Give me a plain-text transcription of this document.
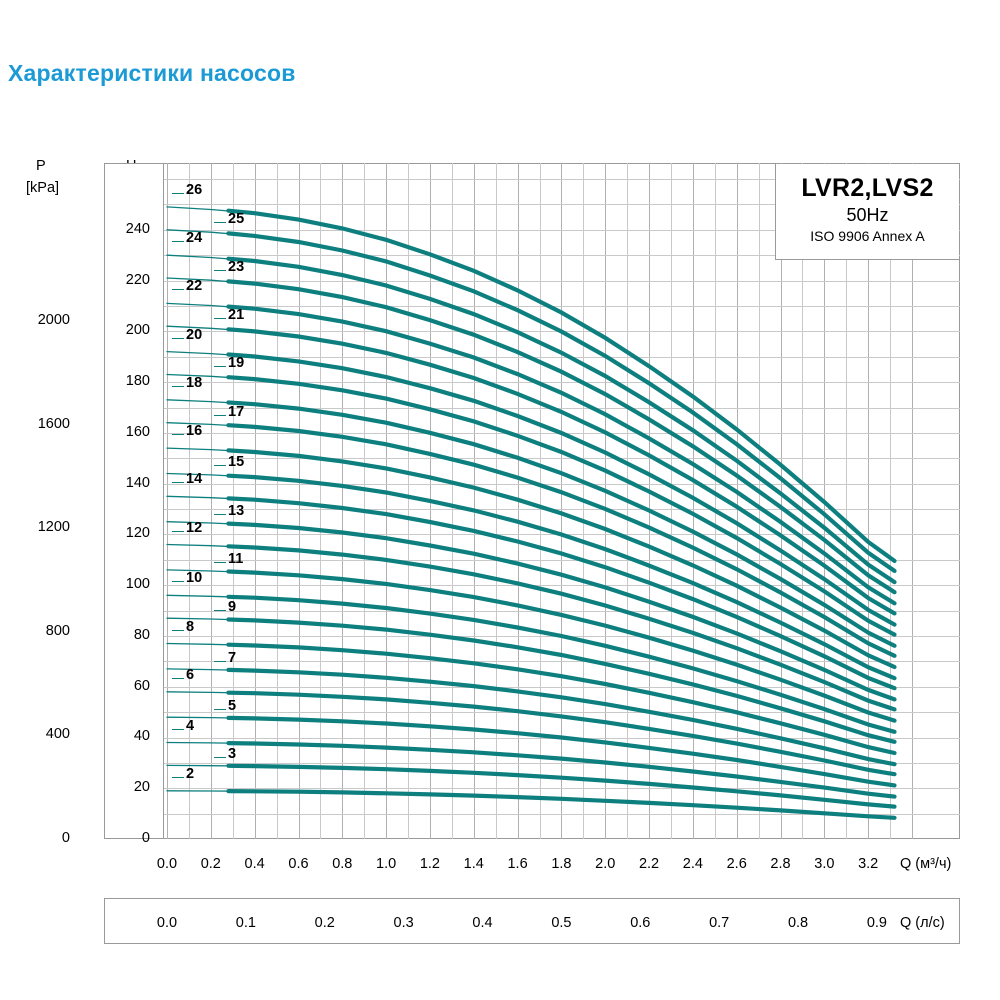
Характеристики насосов
P
[kPa]	LVR2,LVS2
50Hz
ISO 9906 Annex A
0
400
800
1200
1600
2000
0
20
40
60
80
100
120
140
160
180
200
220
240
0.0	0.2	0.4	0.6	0.8	1.0	1.2	1.4	1.6	1.8	2.0	2.2	2.4	2.6	2.8	3.0	3.2
26
25
24
23
22
21
20
19
18
17
16
15
14
13
12
11
10
9
8
7
6
5
4
3
2
Q (м³/ч)
0.0	0.1	0.2	0.3	0.4	0.5	0.6	0.7	0.8	0.9 Q (л/с)
